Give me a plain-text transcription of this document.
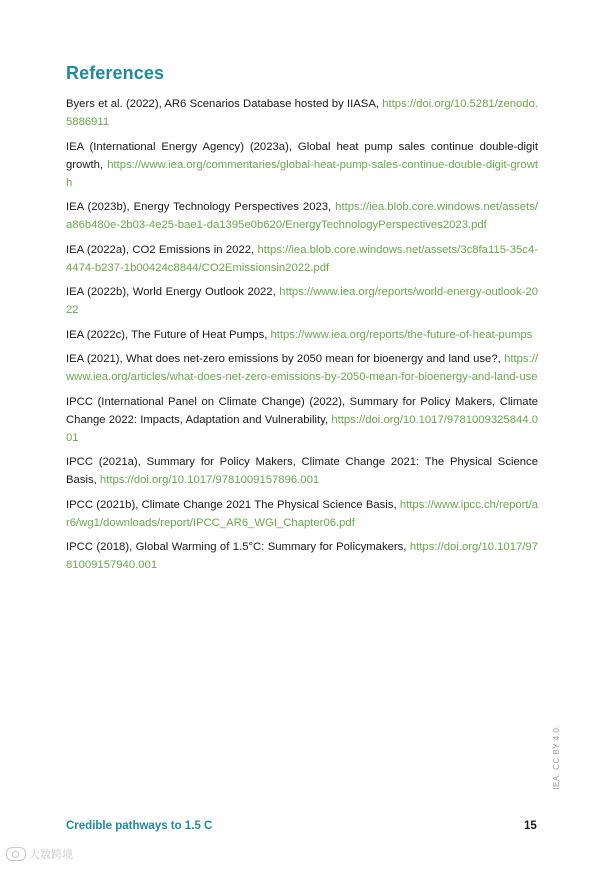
References

Byers et al. (2022), AR6 Scenarios Database hosted by IIASA, https://doi.org/10.5281/zenodo.5886911

IEA (International Energy Agency) (2023a), Global heat pump sales continue double-digit growth, https://www.iea.org/commentaries/global-heat-pump-sales-continue-double-digit-growth

IEA (2023b), Energy Technology Perspectives 2023, https://iea.blob.core.windows.net/assets/a86b480e-2b03-4e25-bae1-da1395e0b620/EnergyTechnologyPerspectives2023.pdf

IEA (2022a), CO2 Emissions in 2022, https://iea.blob.core.windows.net/assets/3c8fa115-35c4-4474-b237-1b00424c8844/CO2Emissionsin2022.pdf

IEA (2022b), World Energy Outlook 2022, https://www.iea.org/reports/world-energy-outlook-2022

IEA (2022c), The Future of Heat Pumps, https://www.iea.org/reports/the-future-of-heat-pumps

IEA (2021), What does net-zero emissions by 2050 mean for bioenergy and land use?, https://www.iea.org/articles/what-does-net-zero-emissions-by-2050-mean-for-bioenergy-and-land-use

IPCC (International Panel on Climate Change) (2022), Summary for Policy Makers, Climate Change 2022: Impacts, Adaptation and Vulnerability, https://doi.org/10.1017/9781009325844.001

IPCC (2021a), Summary for Policy Makers, Climate Change 2021: The Physical Science Basis, https://doi.org/10.1017/9781009157896.001

IPCC (2021b), Climate Change 2021 The Physical Science Basis, https://www.ipcc.ch/report/ar6/wg1/downloads/report/IPCC_AR6_WGI_Chapter06.pdf

IPCC (2018), Global Warming of 1.5°C: Summary for Policymakers, https://doi.org/10.1017/9781009157940.001

IEA. CC BY 4.0.
Credible pathways to 1.5 C	15
大数跨境
